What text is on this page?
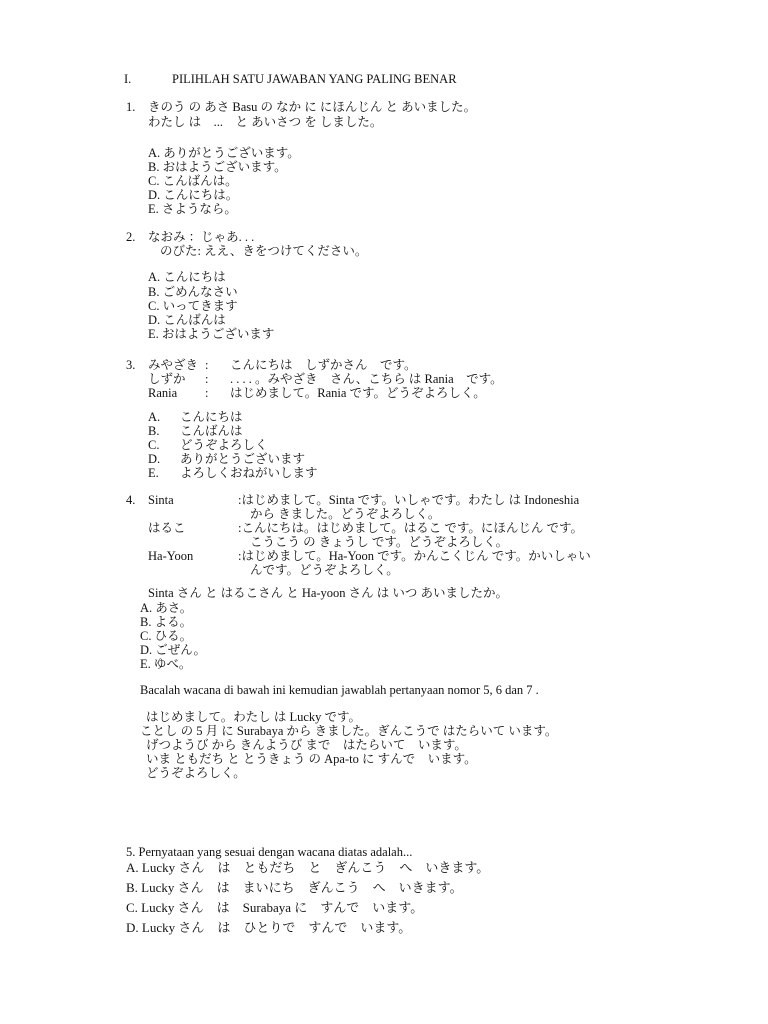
I.	PILIHLAH SATU JAWABAN YANG PALING BENAR
1. きのう の あさ Basu の なか に にほんじん と あいました。
わたし は　...　と あいさつ を しました。
A. ありがとうございます。
B. おはようございます。
C. こんばんは。
D. こんにちは。
E. さようなら。
2. なおみ ：じゃあ. . .
のびた: ええ、きをつけてください。
A. こんにちは
B. ごめんなさい
C. いってきます
D. こんばんは
E. おはようございます
3. みやざき : こんにちは　しずかさん　です。
しずか : . . . . 。みやざき　さん、こちら は Rania　です。
Rania : はじめまして。Rania です。どうぞよろしく。
A. こんにちは
B. こんばんは
C. どうぞよろしく
D. ありがとうございます
E. よろしくおねがいします
4. Sinta	:はじめまして。Sinta です。いしゃです。わたし は Indoneshia
から きました。どうぞよろしく。
はるこ	:こんにちは。はじめまして。はるこ です。にほんじん です。
こうこう の きょうし です。どうぞよろしく。
Ha-Yoon	:はじめまして。Ha-Yoon です。かんこくじん です。かいしゃい
んです。どうぞよろしく。
Sinta さん と はるこさん と Ha-yoon さん は いつ あいましたか。
A. あさ。
B. よる。
C. ひる。
D. ごぜん。
E. ゆべ。
Bacalah wacana di bawah ini kemudian jawablah pertanyaan nomor 5, 6 dan 7 .
はじめまして。わたし は Lucky です。
ことし の 5 月 に Surabaya から きました。ぎんこうで はたらいて います。
げつようび から きんようび まで　はたらいて　います。
いま ともだち と とうきょう の Apa-to に すんで　います。
どうぞよろしく。
5. Pernyataan yang sesuai dengan wacana diatas adalah...
A. Lucky さん　は　ともだち　と　ぎんこう　へ　いきます。
B. Lucky さん　は　まいにち　ぎんこう　へ　いきます。
C. Lucky さん　は　Surabaya に　すんで　います。
D. Lucky さん　は　ひとりで　すんで　います。
